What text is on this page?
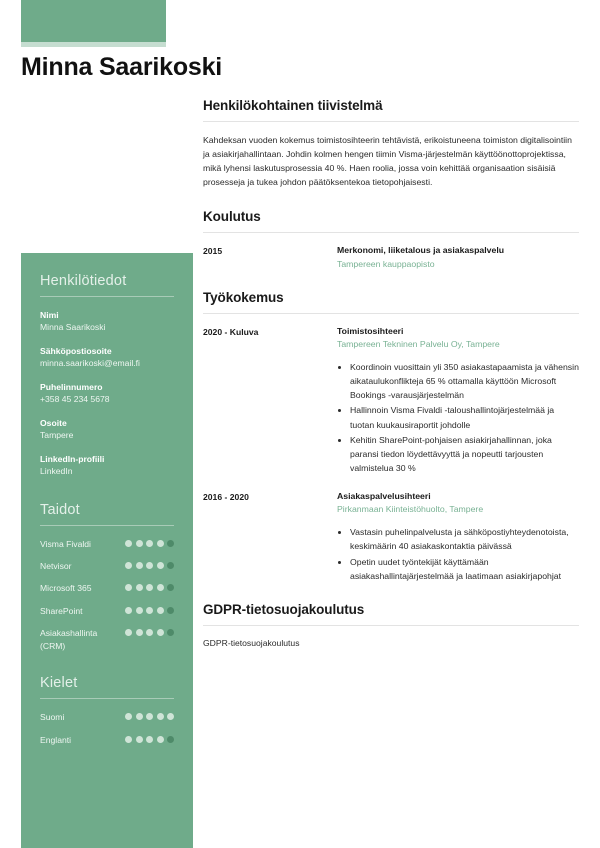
Minna Saarikoski
Henkilötiedot
Nimi
Minna Saarikoski
Sähköpostiosoite
minna.saarikoski@email.fi
Puhelinnumero
+358 45 234 5678
Osoite
Tampere
LinkedIn-profiili
LinkedIn
Taidot
Visma Fivaldi
Netvisor
Microsoft 365
SharePoint
Asiakashallinta (CRM)
Kielet
Suomi
Englanti
Henkilökohtainen tiivistelmä
Kahdeksan vuoden kokemus toimistosihteerin tehtävistä, erikoistuneena toimiston digitalisointiin ja asiakirjahallintaan. Johdin kolmen hengen tiimin Visma-järjestelmän käyttöönottoprojektissa, mikä lyhensi laskutusprosessia 40 %. Haen roolia, jossa voin kehittää organisaation sisäisiä prosesseja ja tukea johdon päätöksentekoa tietopohjaisesti.
Koulutus
2015	Merkonomi, liiketalous ja asiakaspalvelu
Tampereen kauppaopisto
Työkokemus
2020 - Kuluva	Toimistosihteeri
Tampereen Tekninen Palvelu Oy, Tampere
• Koordinoin vuosittain yli 350 asiakastapaamista ja vähensin aikataulukonflikteja 65 % ottamalla käyttöön Microsoft Bookings -varausjärjestelmän
• Hallinnoin Visma Fivaldi -taloushallintojärjestelmää ja tuotan kuukausiraportit johdolle
• Kehitin SharePoint-pohjaisen asiakirjahallinnan, joka paransi tiedon löydettävyyttä ja nopeutti tarjousten valmistelua 30 %
2016 - 2020	Asiakaspalvelusihteeri
Pirkanmaan Kiinteistöhuolto, Tampere
• Vastasin puhelinpalvelusta ja sähköpostiyhteydenotoista, keskimäärin 40 asiakaskontaktia päivässä
• Opetin uudet työntekijät käyttämään asiakashallintajärjestelmää ja laatimaan asiakirjapohjat
GDPR-tietosuojakoulutus
GDPR-tietosuojakoulutus
